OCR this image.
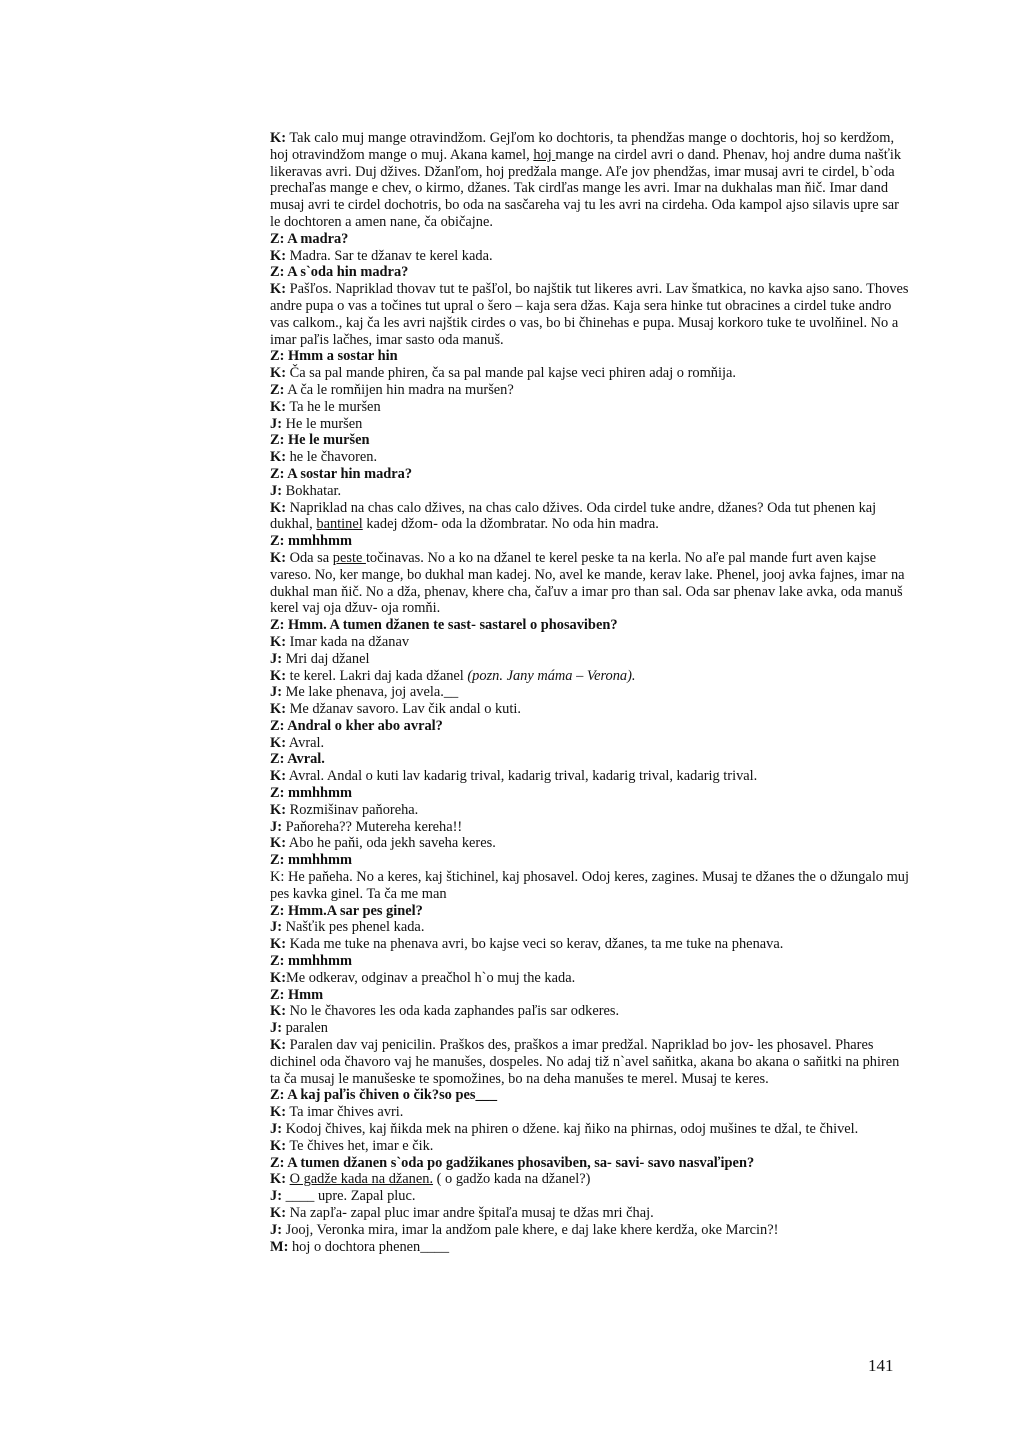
K: Tak calo muj mange otravindžom. Gejľom ko dochtoris, ta phendžas mange o dochtoris, hoj so kerdžom, hoj otravindžom mange o muj. Akana kamel, hoj mange na cirdel avri o dand. Phenav, hoj andre duma našťik likeravas avri. Duj džives. Džanľom, hoj predžala mange. Aľe jov phendžas, imar musaj avri te cirdel, b`oda prechaľas mange e chev, o kirmo, džanes. Tak cirdľas mange les avri. Imar na dukhalas man ňič. Imar dand musaj avri te cirdel dochotris, bo oda na sasčareha vaj tu les avri na cirdeha. Oda kampol ajso silavis upre sar le dochtoren a amen nane, ča običajne.

Z: A madra?

K: Madra. Sar te džanav te kerel kada.

Z: A s`oda hin madra?

K: Pašľos. Napriklad thovav tut te pašľol, bo najštik tut likeres avri. Lav šmatkica, no kavka ajso sano. Thoves andre pupa o vas a točines tut upral o šero – kaja sera džas. Kaja sera hinke tut obracines a cirdel tuke andro vas calkom., kaj ča les avri najštik cirdes o vas, bo bi čhinehas e pupa. Musaj korkoro tuke te uvolňinel. No a imar paľis lačhes, imar sasto oda manuš.

Z: Hmm a sostar hin

K: Ča sa pal mande phiren, ča sa pal mande pal kajse veci phiren adaj o romňija.

Z: A ča le romňijen hin madra na muršen?

K: Ta he le muršen

J: He le muršen

Z: He le muršen

K: he le čhavoren.

Z: A sostar hin madra?

J: Bokhatar.

K: Napriklad na chas calo džives, na chas calo džives. Oda cirdel tuke andre, džanes? Oda tut phenen kaj dukhal, bantinel kadej džom- oda la džombratar. No oda hin madra.

Z: mmhhmm

K: Oda sa peste točinavas. No a ko na džanel te kerel peske ta na kerla. No aľe pal mande furt aven kajse vareso. No, ker mange, bo dukhal man kadej. No, avel ke mande, kerav lake. Phenel, jooj avka fajnes, imar na dukhal man ňič. No a dža, phenav, khere cha, čaľuv a imar pro than sal. Oda sar phenav lake avka, oda manuš kerel vaj oja džuv- oja romňi.

Z: Hmm. A tumen džanen te sast- sastarel o phosaviben?

K: Imar kada na džanav

J: Mri daj džanel

K: te kerel. Lakri daj kada džanel (pozn. Jany máma – Verona).

J: Me lake phenava, joj avela.__

K: Me džanav savoro. Lav čik andal o kuti.

Z: Andral o kher abo avral?

K: Avral.

Z: Avral.

K: Avral. Andal o kuti lav kadarig trival, kadarig trival, kadarig trival, kadarig trival.

Z: mmhhmm

K: Rozmišinav paňoreha.

J: Paňoreha?? Mutereha kereha!!

K: Abo he paňi, oda jekh saveha keres.

Z: mmhhmm

K: He paňeha. No a keres, kaj štichinel, kaj phosavel. Odoj keres, zagines. Musaj te džanes the o džungalo muj pes kavka ginel. Ta ča me man

Z: Hmm.A sar pes ginel?

J: Našťik pes phenel kada.

K: Kada me tuke na phenava avri, bo kajse veci so kerav, džanes, ta me tuke na phenava.

Z: mmhhmm

K:Me odkerav, odginav a preačhol h`o muj the kada.

Z: Hmm

K: No le čhavores les oda kada zaphandes paľis sar odkeres.

J: paralen

K: Paralen dav vaj penicilin. Praškos des, praškos a imar predžal. Napriklad bo jov- les phosavel. Phares dichinel oda čhavoro vaj he manušes, dospeles. No adaj tiž n`avel saňitka, akana bo akana o saňitki na phiren ta ča musaj le manušeske te spomožines, bo na deha manušes te merel. Musaj te keres.

Z: A kaj paľis čhiven o čik?so pes___

K: Ta imar čhives avri.

J: Kodoj čhives, kaj ňikda mek na phiren o džene. kaj ňiko na phirnas, odoj mušines te džal, te čhivel.

K: Te čhives het, imar e čik.

Z: A tumen džanen s`oda po gadžikanes phosaviben, sa- savi- savo nasvaľipen?

K: O gadže kada na džanen. ( o gadžo kada na džanel?)

J: ____ upre. Zapal pluc.

K: Na zapľa- zapal pluc imar andre špitaľa musaj te džas mri čhaj.

J: Jooj, Veronka mira, imar la andžom pale khere, e daj lake khere kerdža, oke Marcin?!

M: hoj o dochtora phenen____

141
